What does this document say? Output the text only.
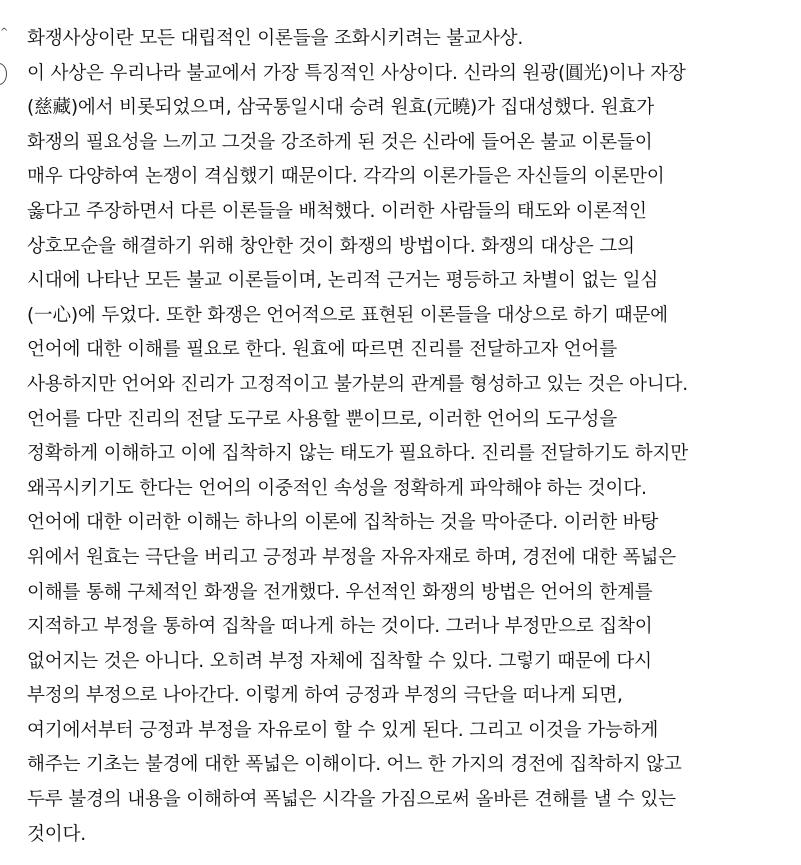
^ 화쟁사상이란 모든 대립적인 이론들을 조화시키려는 불교사상.
이 사상은 우리나라 불교에서 가장 특징적인 사상이다. 신라의 원광(圓光)이나 자장
(慈藏)에서 비롯되었으며, 삼국통일시대 승려 원효(元曉)가 집대성했다. 원효가
화쟁의 필요성을 느끼고 그것을 강조하게 된 것은 신라에 들어온 불교 이론들이
매우 다양하여 논쟁이 격심했기 때문이다. 각각의 이론가들은 자신들의 이론만이
옳다고 주장하면서 다른 이론들을 배척했다. 이러한 사람들의 태도와 이론적인
상호모순을 해결하기 위해 창안한 것이 화쟁의 방법이다. 화쟁의 대상은 그의
시대에 나타난 모든 불교 이론들이며, 논리적 근거는 평등하고 차별이 없는 일심
(一心)에 두었다. 또한 화쟁은 언어적으로 표현된 이론들을 대상으로 하기 때문에
언어에 대한 이해를 필요로 한다. 원효에 따르면 진리를 전달하고자 언어를
사용하지만 언어와 진리가 고정적이고 불가분의 관계를 형성하고 있는 것은 아니다.
언어를 다만 진리의 전달 도구로 사용할 뿐이므로, 이러한 언어의 도구성을
정확하게 이해하고 이에 집착하지 않는 태도가 필요하다. 진리를 전달하기도 하지만
왜곡시키기도 한다는 언어의 이중적인 속성을 정확하게 파악해야 하는 것이다.
언어에 대한 이러한 이해는 하나의 이론에 집착하는 것을 막아준다. 이러한 바탕
위에서 원효는 극단을 버리고 긍정과 부정을 자유자재로 하며, 경전에 대한 폭넓은
이해를 통해 구체적인 화쟁을 전개했다. 우선적인 화쟁의 방법은 언어의 한계를
지적하고 부정을 통하여 집착을 떠나게 하는 것이다. 그러나 부정만으로 집착이
없어지는 것은 아니다. 오히려 부정 자체에 집착할 수 있다. 그렇기 때문에 다시
부정의 부정으로 나아간다. 이렇게 하여 긍정과 부정의 극단을 떠나게 되면,
여기에서부터 긍정과 부정을 자유로이 할 수 있게 된다. 그리고 이것을 가능하게
해주는 기초는 불경에 대한 폭넓은 이해이다. 어느 한 가지의 경전에 집착하지 않고
두루 불경의 내용을 이해하여 폭넓은 시각을 가짐으로써 올바른 견해를 낼 수 있는
것이다.
